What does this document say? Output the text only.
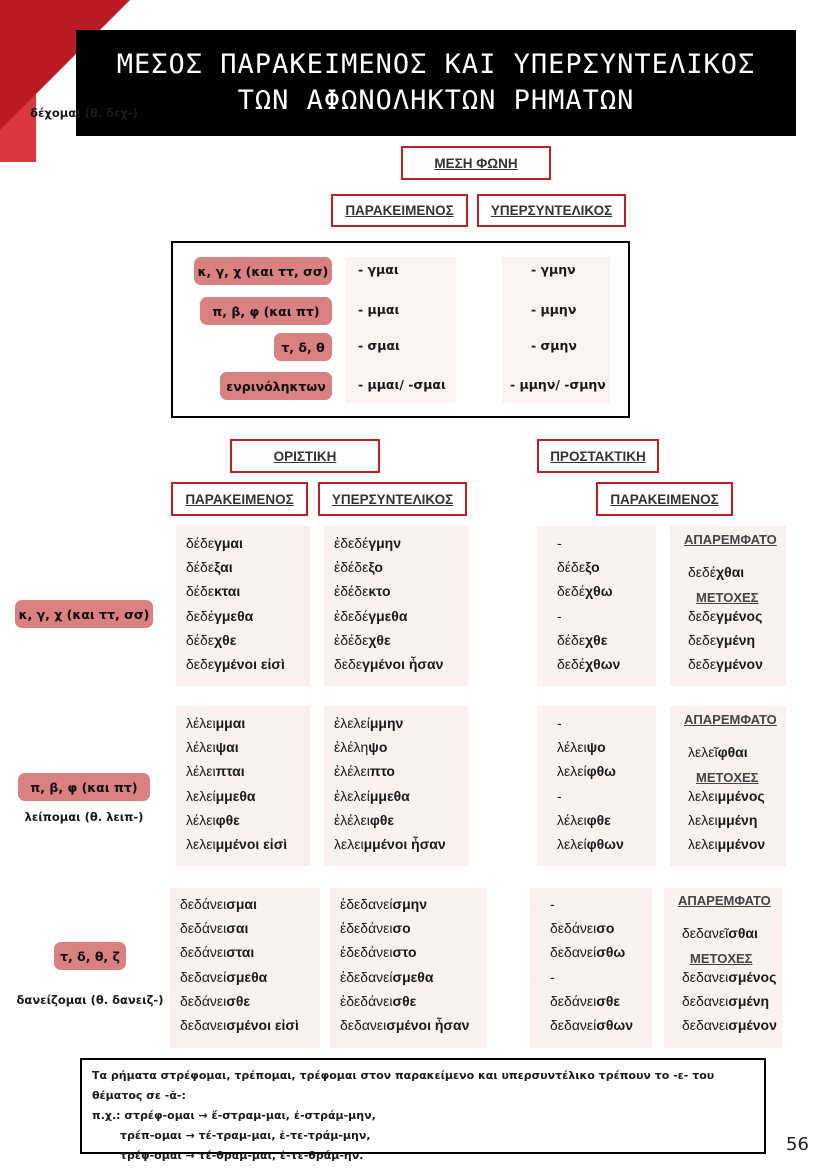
ΜΕΣΟΣ ΠΑΡΑΚΕΙΜΕΝΟΣ ΚΑΙ ΥΠΕΡΣΥΝΤΕΛΙΚΟΣ
ΤΩΝ ΑΦΩΝΟΛΗΚΤΩΝ ΡΗΜΑΤΩΝ
ΜΕΣΗ ΦΩΝΗ
ΠΑΡΑΚΕΙΜΕΝΟΣ	ΥΠΕΡΣΥΝΤΕΛΙΚΟΣ
κ, γ, χ (και ττ, σσ) - γμαι	- γμην
π, β, φ (και πτ)	- μμαι	- μμην
τ, δ, θ	- σμαι	- σμην
ενρινόληκτων	- μμαι/ -σμαι	- μμην/ -σμην
ΟΡΙΣΤΙΚΗ	ΠΡΟΣΤΑΚΤΙΚΗ
ΠΑΡΑΚΕΙΜΕΝΟΣ	ΥΠΕΡΣΥΝΤΕΛΙΚΟΣ	ΠΑΡΑΚΕΙΜΕΝΟΣ
δέδεγμαι	ἐδεδέγμην	-
δέδεξαι	ἐδέδεξο	δέδεξο
δέδεκται	ἐδέδεκτο	δεδέχθω
δεδέγμεθα	ἐδεδέγμεθα	-
δέδεχθε	ἐδέδεχθε	δέδεχθε
δεδεγμένοι εἰσὶ	δεδεγμένοι ἦσαν	δεδέχθων
ΑΠΑΡΕΜΦΑΤΟ
δεδέχθαι
ΜΕΤΟΧΕΣ
δεδεγμένος
δεδεγμένη
δεδεγμένον
κ, γ, χ (και ττ, σσ)
δέχομαι (θ. δεχ-)
λέλειμμαι	ἐλελείμμην	-
λέλειψαι	ἐλέληψο	λέλειψο
λέλειπται	ἐλέλειπτο	λελείφθω
λελείμμεθα	ἐλελείμμεθα	-
λέλειφθε	ἐλέλειφθε	λέλειφθε
λελειμμένοι εἰσὶ	λελειμμένοι ἦσαν	λελείφθων
ΑΠΑΡΕΜΦΑΤΟ
λελεῖφθαι
ΜΕΤΟΧΕΣ
λελειμμένος
λελειμμένη
λελειμμένον
π, β, φ (και πτ)
λείπομαι (θ. λειπ-)
δεδάνεισμαι	ἐδεδανείσμην	-
δεδάνεισαι	ἐδεδάνεισο	δεδάνεισο
δεδάνεισται	ἐδεδάνειστο	δεδανείσθω
δεδανείσμεθα	ἐδεδανείσμεθα	-
δεδάνεισθε	ἐδεδάνεισθε	δεδάνεισθε
δεδανεισμένοι εἰσὶ	δεδανεισμένοι ἦσαν	δεδανείσθων
ΑΠΑΡΕΜΦΑΤΟ
δεδανεῖσθαι
ΜΕΤΟΧΕΣ
δεδανεισμένος
δεδανεισμένη
δεδανεισμένον
τ, δ, θ, ζ
δανείζομαι (θ. δανειζ-)
Τα ρήματα στρέφομαι, τρέπομαι, τρέφομαι στον παρακείμενο και υπερσυντέλικο τρέπουν το -ε- του θέματος σε -ᾰ-:
π.χ.: στρέφ-ομαι → ἔ-στραμ-μαι, ἐ-στράμ-μην,
τρέπ-ομαι → τέ-τραμ-μαι, ἐ-τε-τράμ-μην,
τρέφ-ομαι → τέ-θραμ-μαι, ἐ-τε-θράμ-ην.
56
